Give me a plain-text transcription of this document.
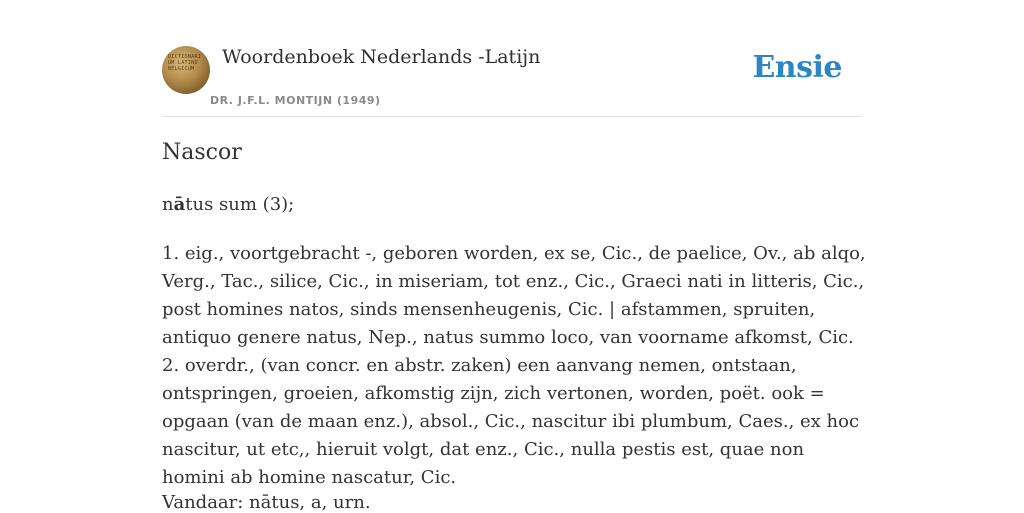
DICTIONARIUM LATINO BELGICUM
Woordenboek Nederlands -Latijn
DR. J.F.L. MONTIJN (1949)
Ensie
Nascor
nātus sum (3);

1. eig., voortgebracht -, geboren worden, ex se, Cic., de paelice, Ov., ab alqo, Verg., Tac., silice, Cic., in miseriam, tot enz., Cic., Graeci nati in litteris, Cic., post homines natos, sinds mensenheugenis, Cic. | afstammen, spruiten, antiquo genere natus, Nep., natus summo loco, van voorname afkomst, Cic.

2. overdr., (van concr. en abstr. zaken) een aanvang nemen, ontstaan, ontspringen, groeien, afkomstig zijn, zich vertonen, worden, poët. ook = opgaan (van de maan enz.), absol., Cic., nascitur ibi plumbum, Caes., ex hoc nascitur, ut etc,, hieruit volgt, dat enz., Cic., nulla pestis est, quae non homini ab homine nascatur, Cic.

Vandaar: nātus, a, urn.
